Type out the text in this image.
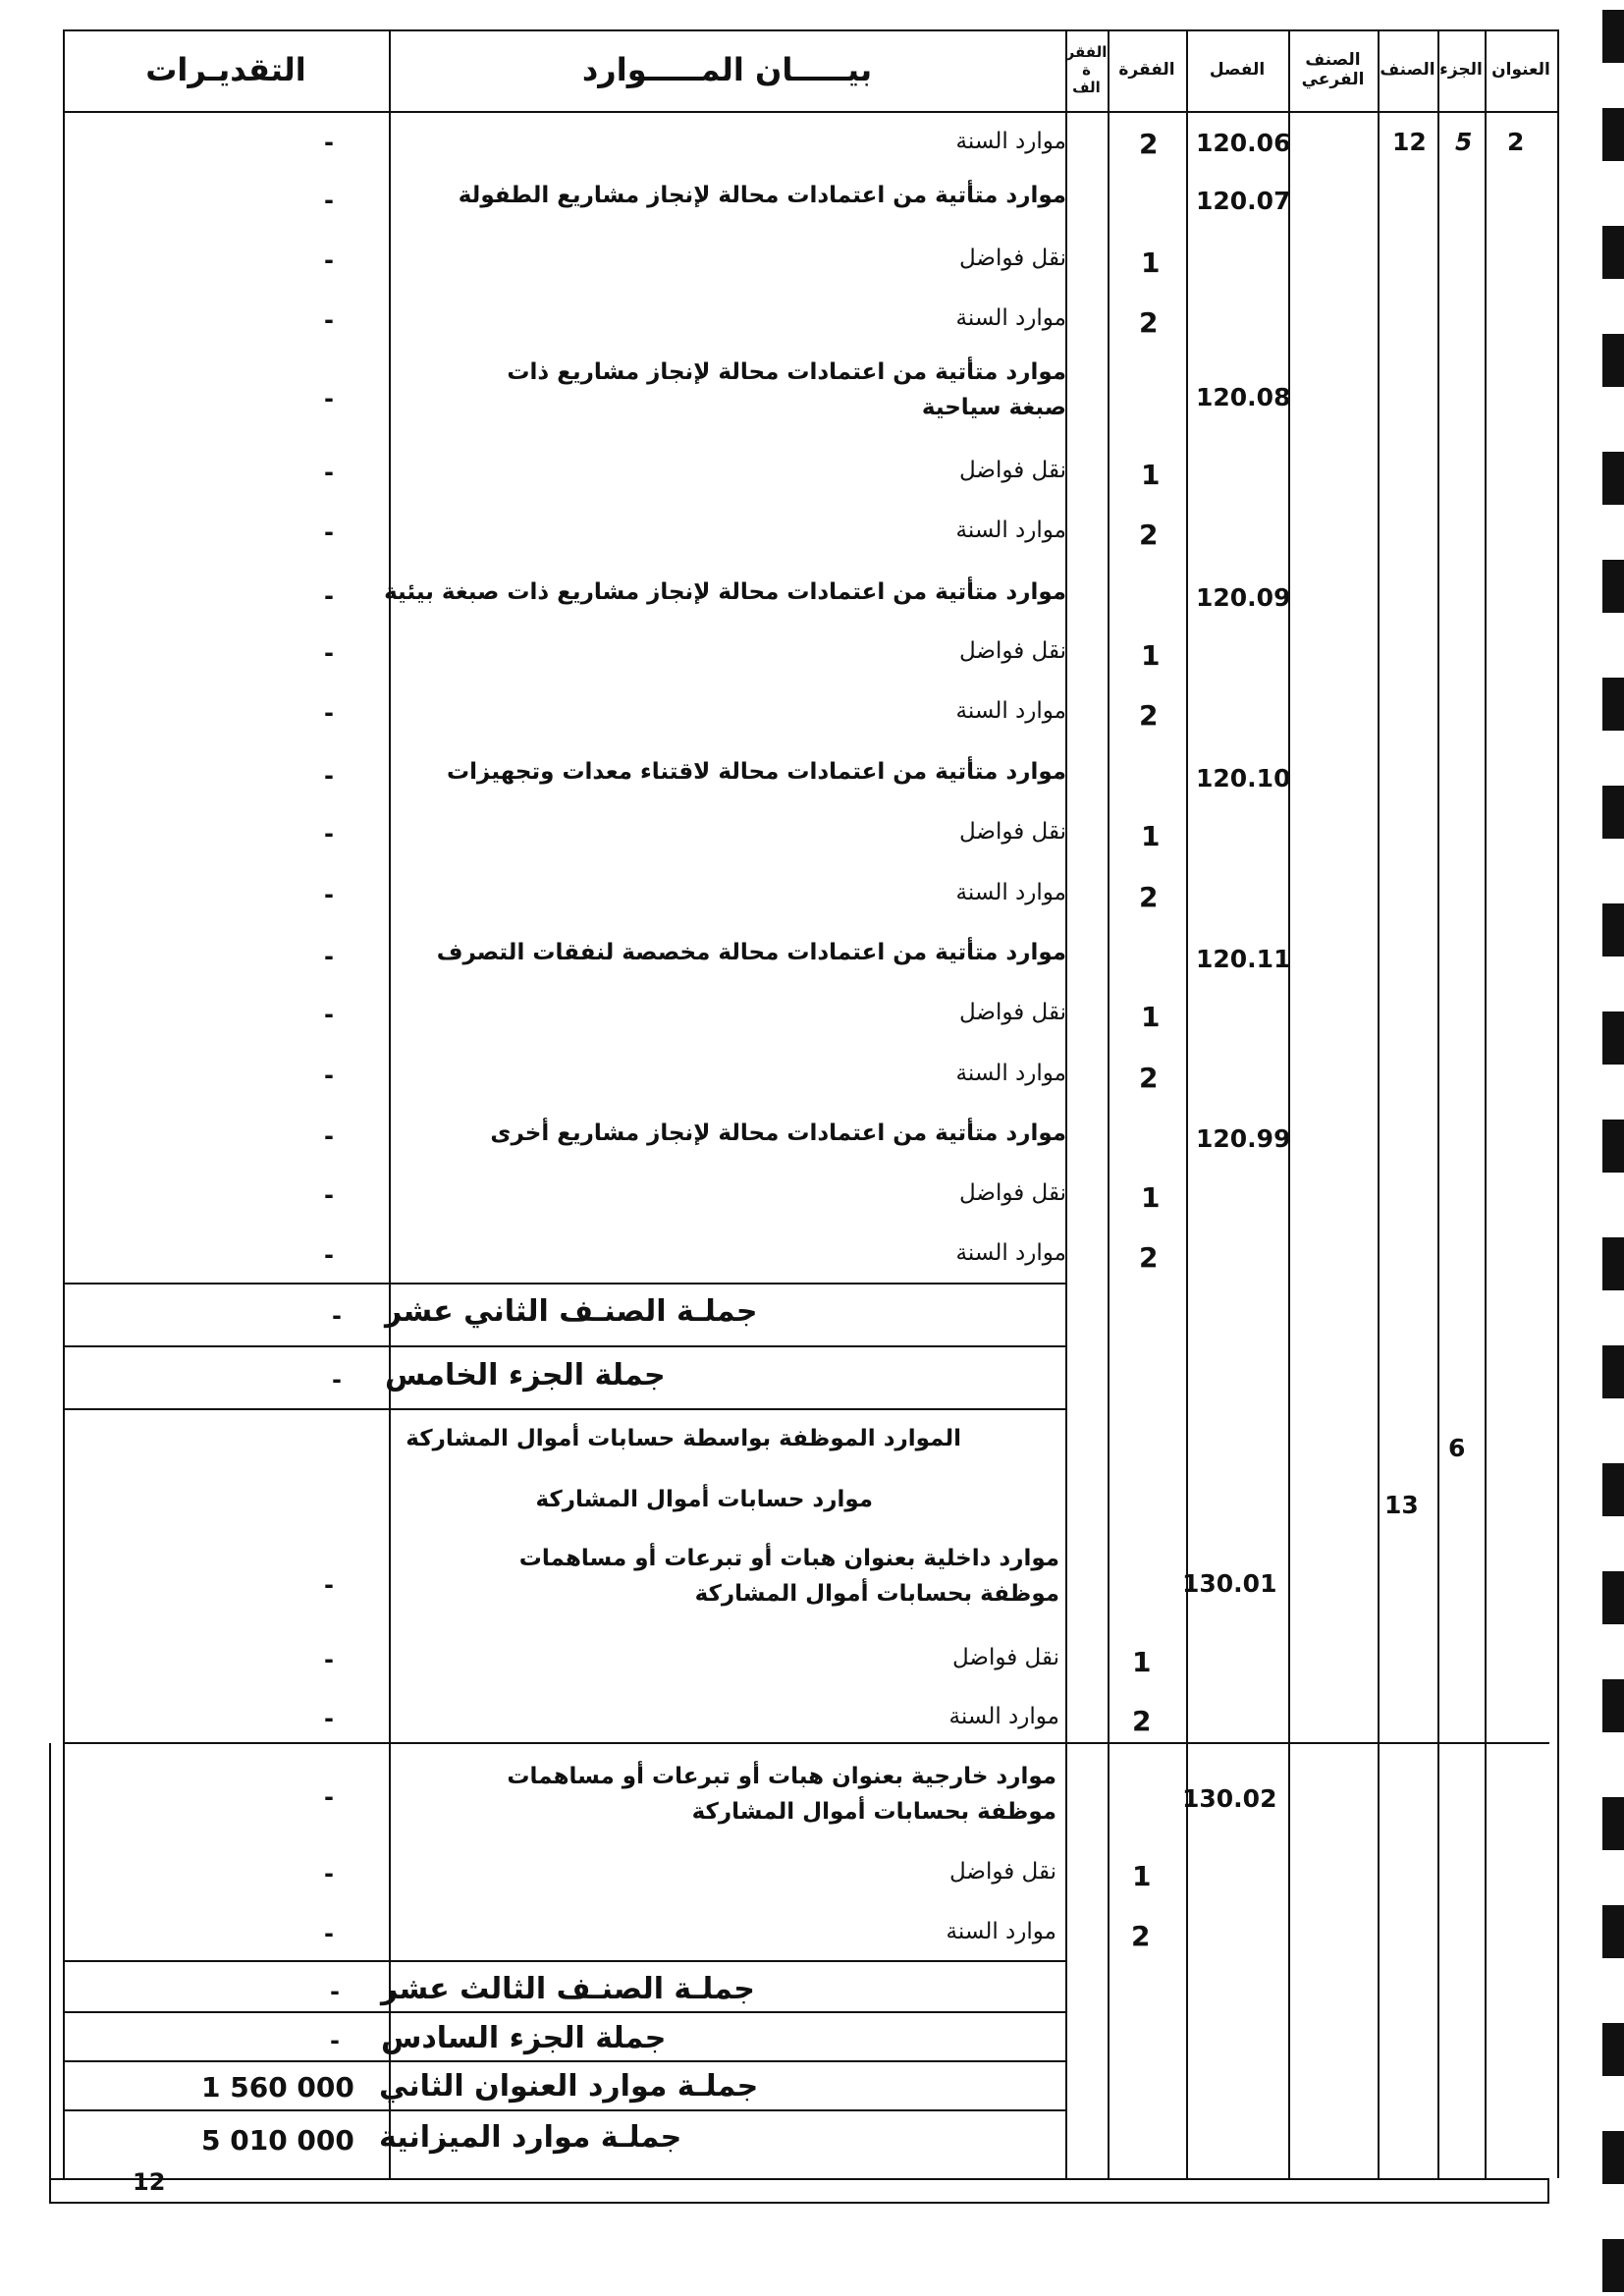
العنوان
الجزء
الصنف
الصنف
الفرعي
الفصل
الفقرة
الفقر
ة
الف
بيـــــان المـــــوارد
التقديـرات
2
5
12
6
13
2 120.06
موارد السنة
-
120.07
موارد متأتية من اعتمادات محالة لإنجاز مشاريع الطفولة
-
1
نقل فواضل
-
2
موارد السنة
-
120.08
موارد متأتية من اعتمادات محالة لإنجاز مشاريع ذات صبغة سياحية
-
1
نقل فواضل
-
2
موارد السنة
-
120.09
موارد متأتية من اعتمادات محالة لإنجاز مشاريع ذات صبغة بيئية
-
1
نقل فواضل
-
2
موارد السنة
-
120.10
موارد متأتية من اعتمادات محالة لاقتناء معدات وتجهيزات
-
1
نقل فواضل
-
2
موارد السنة
-
120.11
موارد متأتية من اعتمادات محالة مخصصة لنفقات التصرف
-
1
نقل فواضل
-
2
موارد السنة
-
120.99
موارد متأتية من اعتمادات محالة لإنجاز مشاريع أخرى
-
1
نقل فواضل
-
2
موارد السنة
-
جملـة الصنـف الثاني عشر
-
جملة الجزء الخامس
-
الموارد الموظفة بواسطة حسابات أموال المشاركة
موارد حسابات أموال المشاركة
130.01
موارد داخلية بعنوان هبات أو تبرعات أو مساهمات موظفة بحسابات أموال المشاركة
-
1
نقل فواضل
-
2
موارد السنة
-
130.02
موارد خارجية بعنوان هبات أو تبرعات أو مساهمات موظفة بحسابات أموال المشاركة
-
1
نقل فواضل
-
2
موارد السنة
-
جملـة الصنـف الثالث عشر
-
جملة الجزء السادس
-
جملـة موارد العنوان الثاني
1 560 000
جملـة موارد الميزانية
5 010 000
12
